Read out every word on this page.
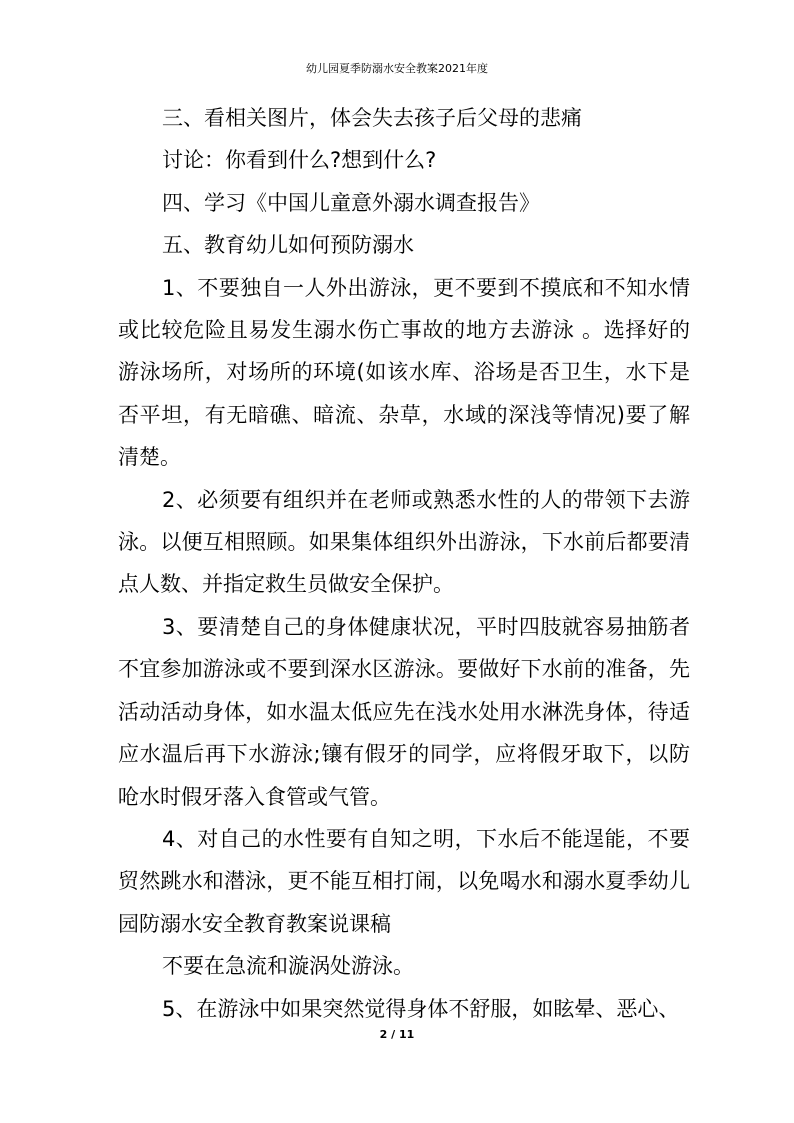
幼儿园夏季防溺水安全教案2021年度

三、看相关图片，体会失去孩子后父母的悲痛

讨论：你看到什么?想到什么?

四、学习《中国儿童意外溺水调查报告》

五、教育幼儿如何预防溺水

1、不要独自一人外出游泳，更不要到不摸底和不知水情或比较危险且易发生溺水伤亡事故的地方去游泳 。选择好的游泳场所，对场所的环境(如该水库、浴场是否卫生，水下是否平坦，有无暗礁、暗流、杂草，水域的深浅等情况)要了解清楚。

2、必须要有组织并在老师或熟悉水性的人的带领下去游泳。以便互相照顾。如果集体组织外出游泳，下水前后都要清点人数、并指定救生员做安全保护。

3、要清楚自己的身体健康状况，平时四肢就容易抽筋者不宜参加游泳或不要到深水区游泳。要做好下水前的准备，先活动活动身体，如水温太低应先在浅水处用水淋洗身体，待适应水温后再下水游泳;镶有假牙的同学，应将假牙取下，以防呛水时假牙落入食管或气管。

4、对自己的水性要有自知之明，下水后不能逞能，不要贸然跳水和潜泳，更不能互相打闹，以免喝水和溺水夏季幼儿园防溺水安全教育教案说课稿

不要在急流和漩涡处游泳。

5、在游泳中如果突然觉得身体不舒服，如眩晕、恶心、

2 / 11
